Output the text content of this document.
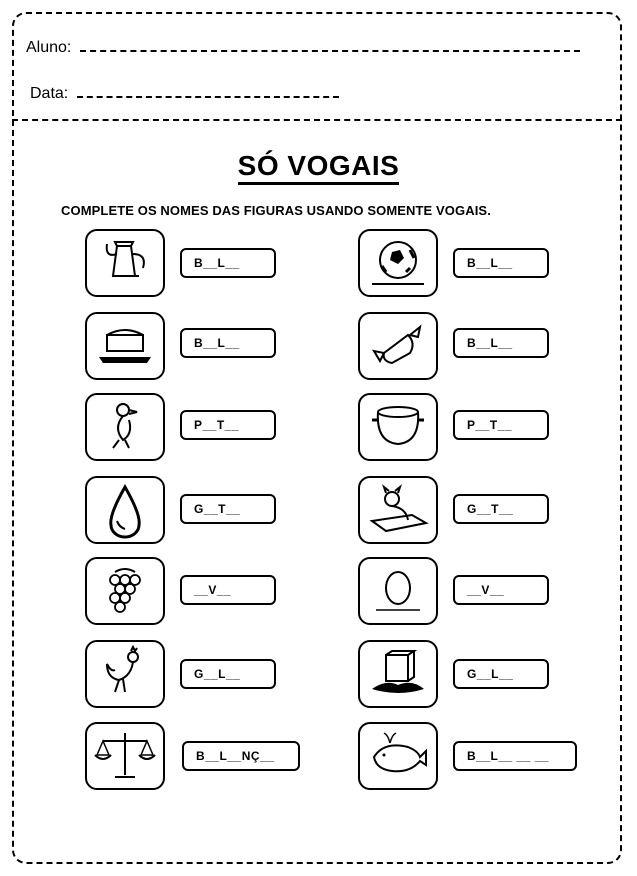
Aluno:
Data:
SÓ VOGAIS
COMPLETE OS NOMES DAS FIGURAS USANDO SOMENTE VOGAIS.
B__L__
B__L__
P__T__
G__T__
__V__
G__L__
B__L__NÇ__
B__L__
B__L__
P__T__
G__T__
__V__
G__L__
B__L__ __ __
